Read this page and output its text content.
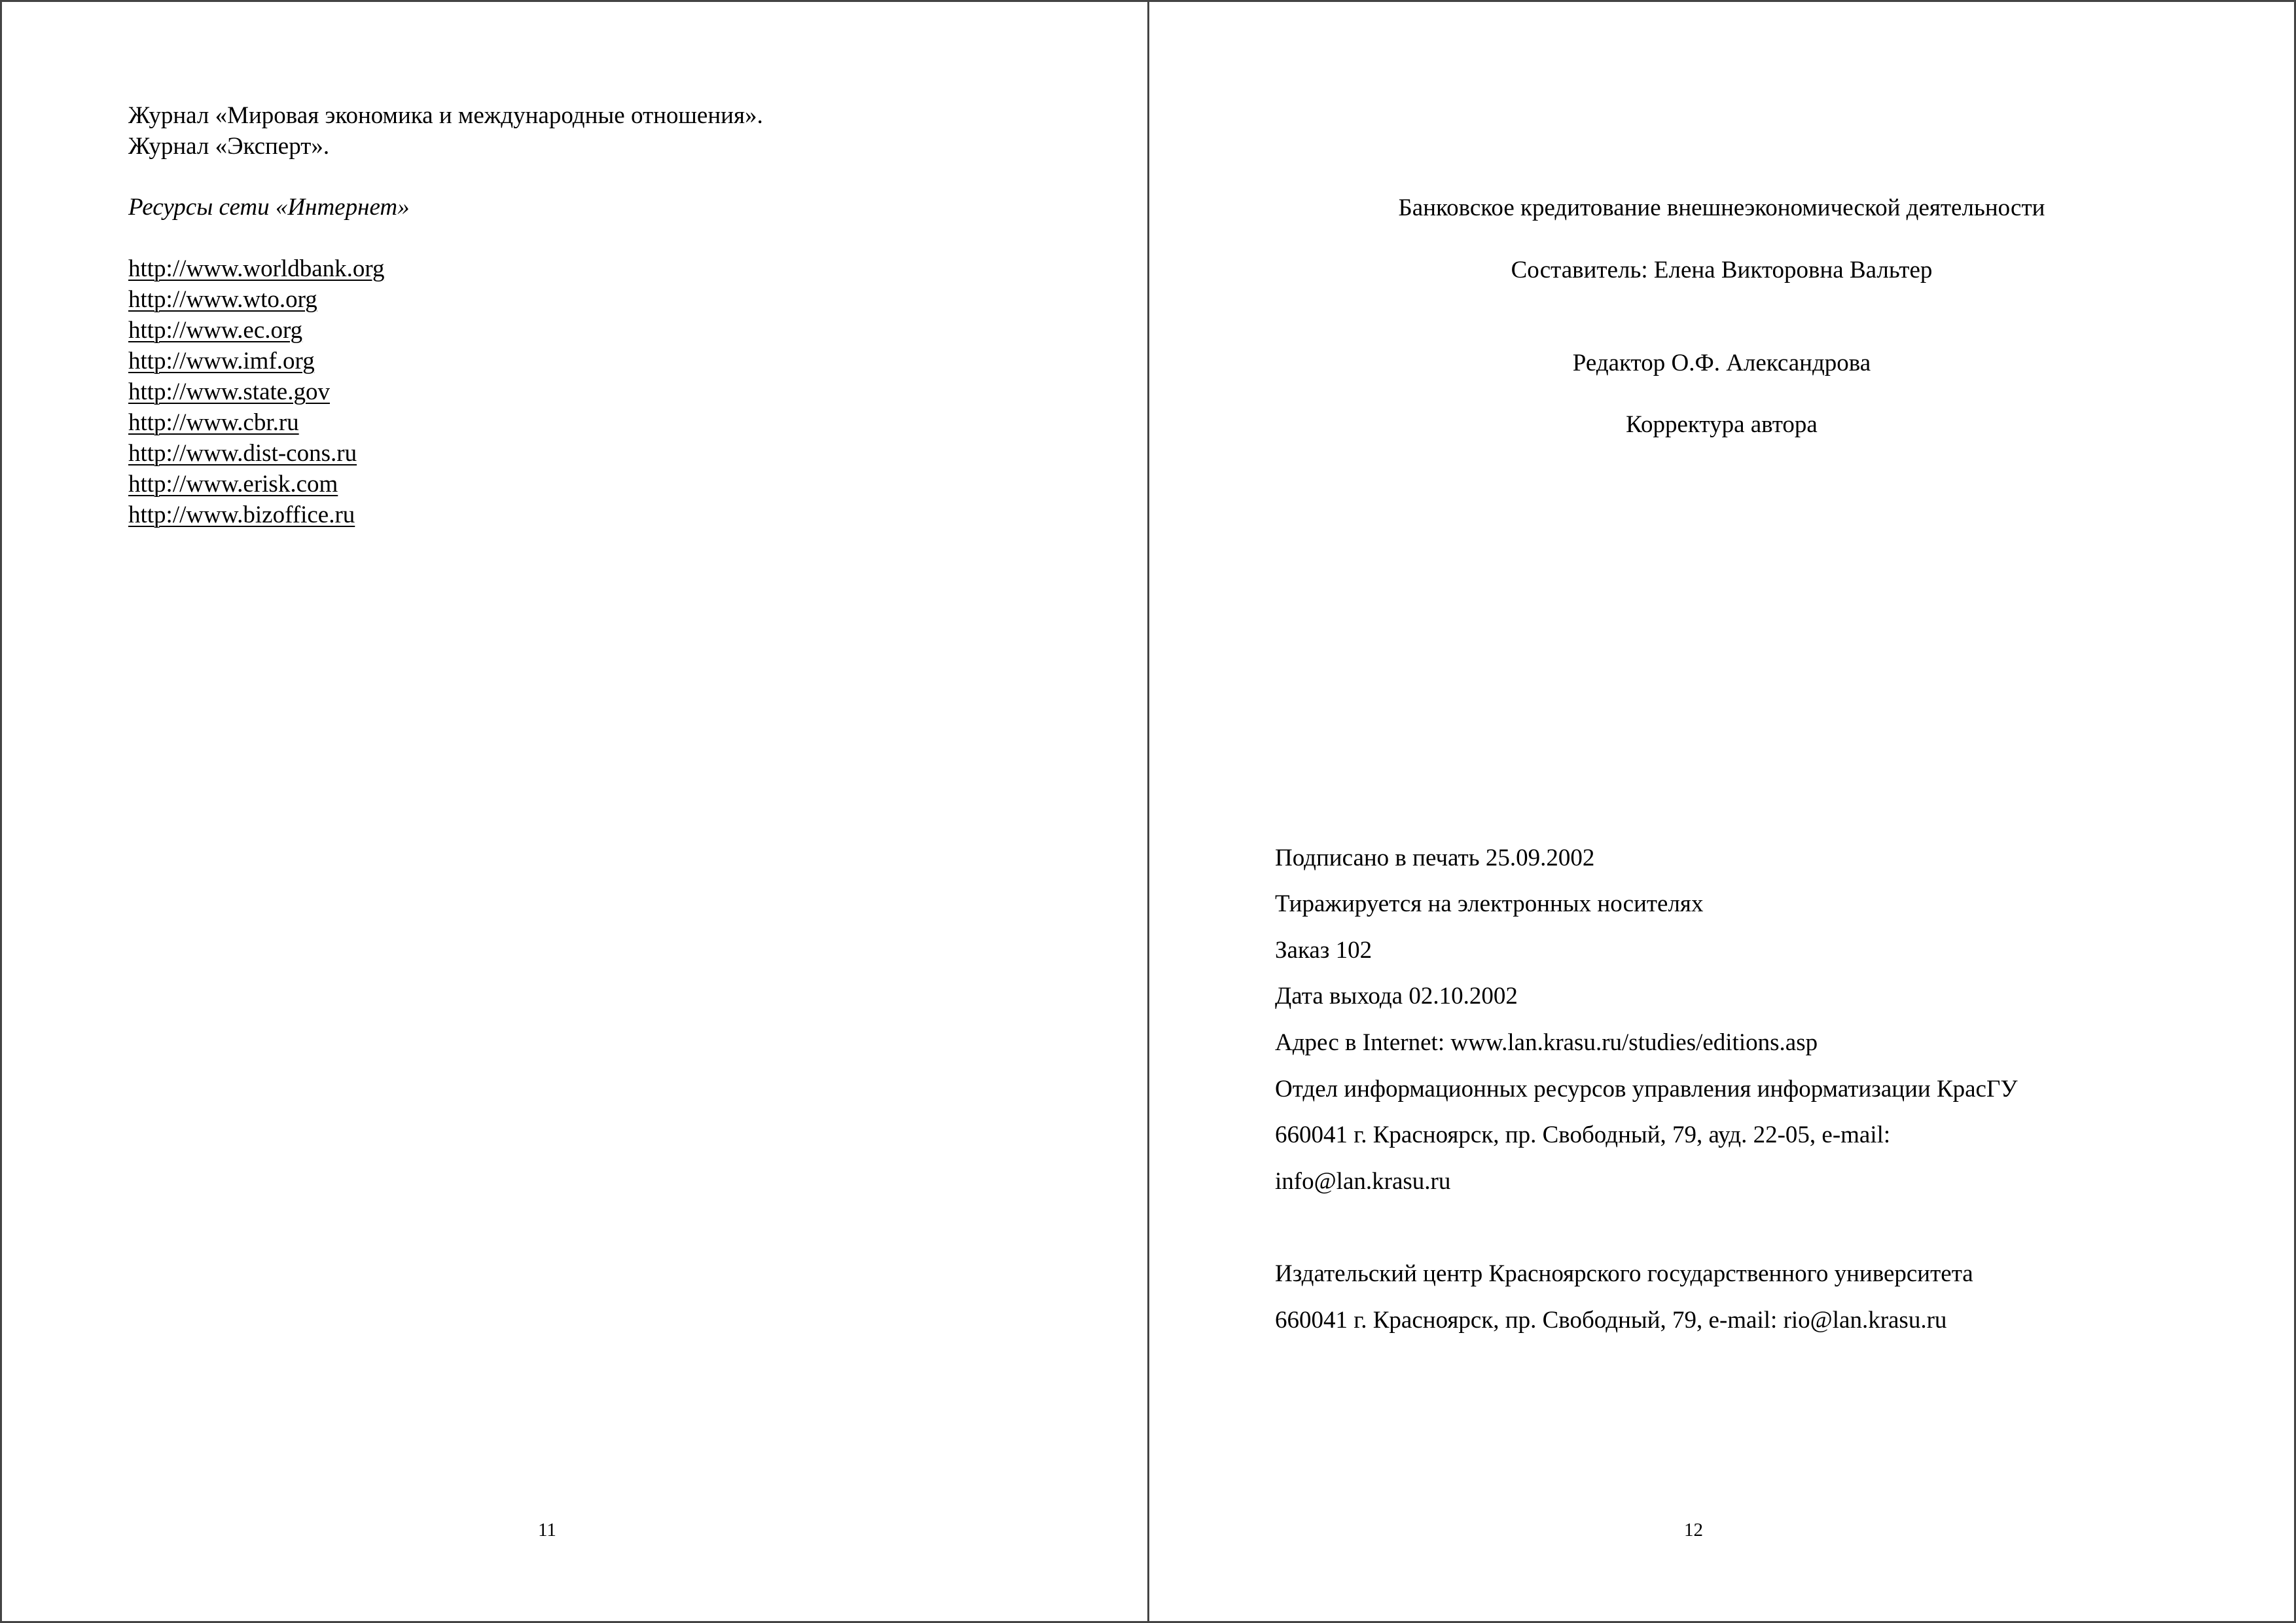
Журнал «Мировая экономика и международные отношения».
Журнал «Эксперт».
Ресурсы сети «Интернет»
http://www.worldbank.org
http://www.wto.org
http://www.ec.org
http://www.imf.org
http://www.state.gov
http://www.cbr.ru
http://www.dist-cons.ru
http://www.erisk.com
http://www.bizoffice.ru
11
Банковское кредитование внешнеэкономической деятельности
Составитель: Елена Викторовна Вальтер
Редактор О.Ф. Александрова
Корректура автора
Подписано в печать 25.09.2002
Тиражируется на электронных носителях
Заказ 102
Дата выхода 02.10.2002
Адрес в Internet: www.lan.krasu.ru/studies/editions.asp
Отдел информационных ресурсов управления информатизации КрасГУ
660041 г. Красноярск, пр. Свободный, 79, ауд. 22-05, e-mail:
info@lan.krasu.ru
Издательский центр Красноярского государственного университета
660041 г. Красноярск, пр. Свободный, 79, e-mail: rio@lan.krasu.ru
12
